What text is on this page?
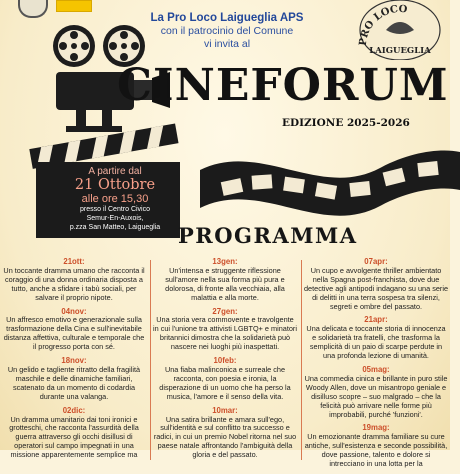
La Pro Loco Laigueglia APS
con il patrocinio del Comune
vi invita al	PRO LOCO
LAIGUEGLIA
CINEFORUM
EDIZIONE 2025-2026
A partire dal
21 Ottobre
alle ore 15,30
presso il Centro Civico
Semur-En-Auxois,
p.zza San Matteo, Laigueglia PROGRAMMA
21ott:
Un toccante dramma umano che racconta il coraggio di una donna ordinaria disposta a tutto, anche a sfidare i tabù sociali, per salvare il proprio nipote.
04nov:
Un affresco emotivo e generazionale sulla trasformazione della Cina e sull'inevitabile distanza affettiva, culturale e temporale che il progresso porta con sé.
18nov:
Un gelido e tagliente ritratto della fragilità maschile e delle dinamiche familiari, scatenato da un momento di codardia durante una valanga.
02dic:
Un dramma umanitario dai toni ironici e grotteschi, che racconta l'assurdità della guerra attraverso gli occhi disillusi di operatori sul campo impegnati in una missione apparentemente semplice ma
13gen:
Un'intensa e struggente riflessione sull'amore nella sua forma più pura e dolorosa, di fronte alla vecchiaia, alla malattia e alla morte.
27gen:
Una storia vera commovente e travolgente in cui l'unione tra attivisti LGBTQ+ e minatori britannici dimostra che la solidarietà può nascere nei luoghi più inaspettati.
10feb:
Una fiaba malinconica e surreale che racconta, con poesia e ironia, la disperazione di un uomo che ha perso la musica, l'amore e il senso della vita.
10mar:
Una satira brillante e amara sull'ego, sull'identità e sul conflitto tra successo e radici, in cui un premio Nobel ritorna nel suo paese natale affrontando l'ambiguità della gloria e del passato.
07apr:
Un cupo e avvolgente thriller ambientato nella Spagna post-franchista, dove due detective agli antipodi indagano su una serie di delitti in una terra sospesa tra silenzi, segreti e ombre del passato.
21apr:
Una delicata e toccante storia di innocenza e solidarietà tra fratelli, che trasforma la semplicità di un paio di scarpe perdute in una profonda lezione di umanità.
05mag:
Una commedia cinica e brillante in puro stile Woody Allen, dove un misantropo geniale e disilluso scopre – suo malgrado – che la felicità può arrivare nelle forme più improbabili, purché 'funzioni'.
19mag:
Un emozionante dramma familiare su cure antiche, sull'esistenza e seconde possibilità, dove passione, talento e dolore si intrecciano in una lotta per la
